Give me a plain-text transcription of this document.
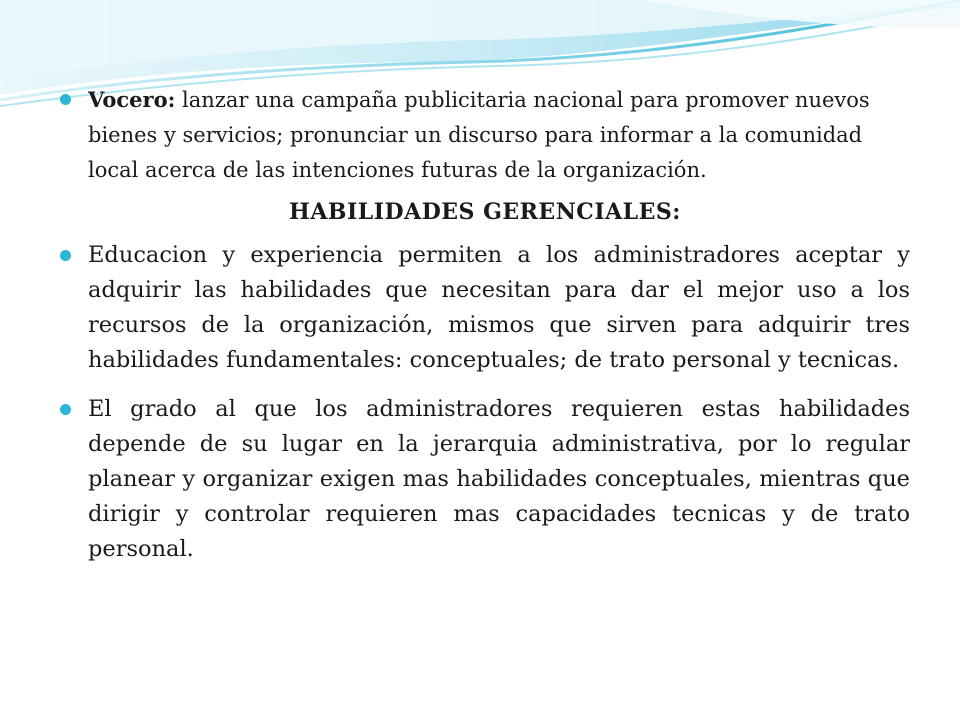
Vocero: lanzar una campaña publicitaria nacional para promover nuevos bienes y servicios; pronunciar un discurso para informar a la comunidad local acerca de las intenciones futuras de la organización.
HABILIDADES GERENCIALES:
Educacion y experiencia permiten a los administradores aceptar y adquirir las habilidades que necesitan para dar el mejor uso a los recursos de la organización, mismos que sirven para adquirir tres habilidades fundamentales: conceptuales; de trato personal y tecnicas.
El grado al que los administradores requieren estas habilidades depende de su lugar en la jerarquia administrativa, por lo regular planear y organizar exigen mas habilidades conceptuales, mientras que dirigir y controlar requieren mas capacidades tecnicas y de trato personal.
